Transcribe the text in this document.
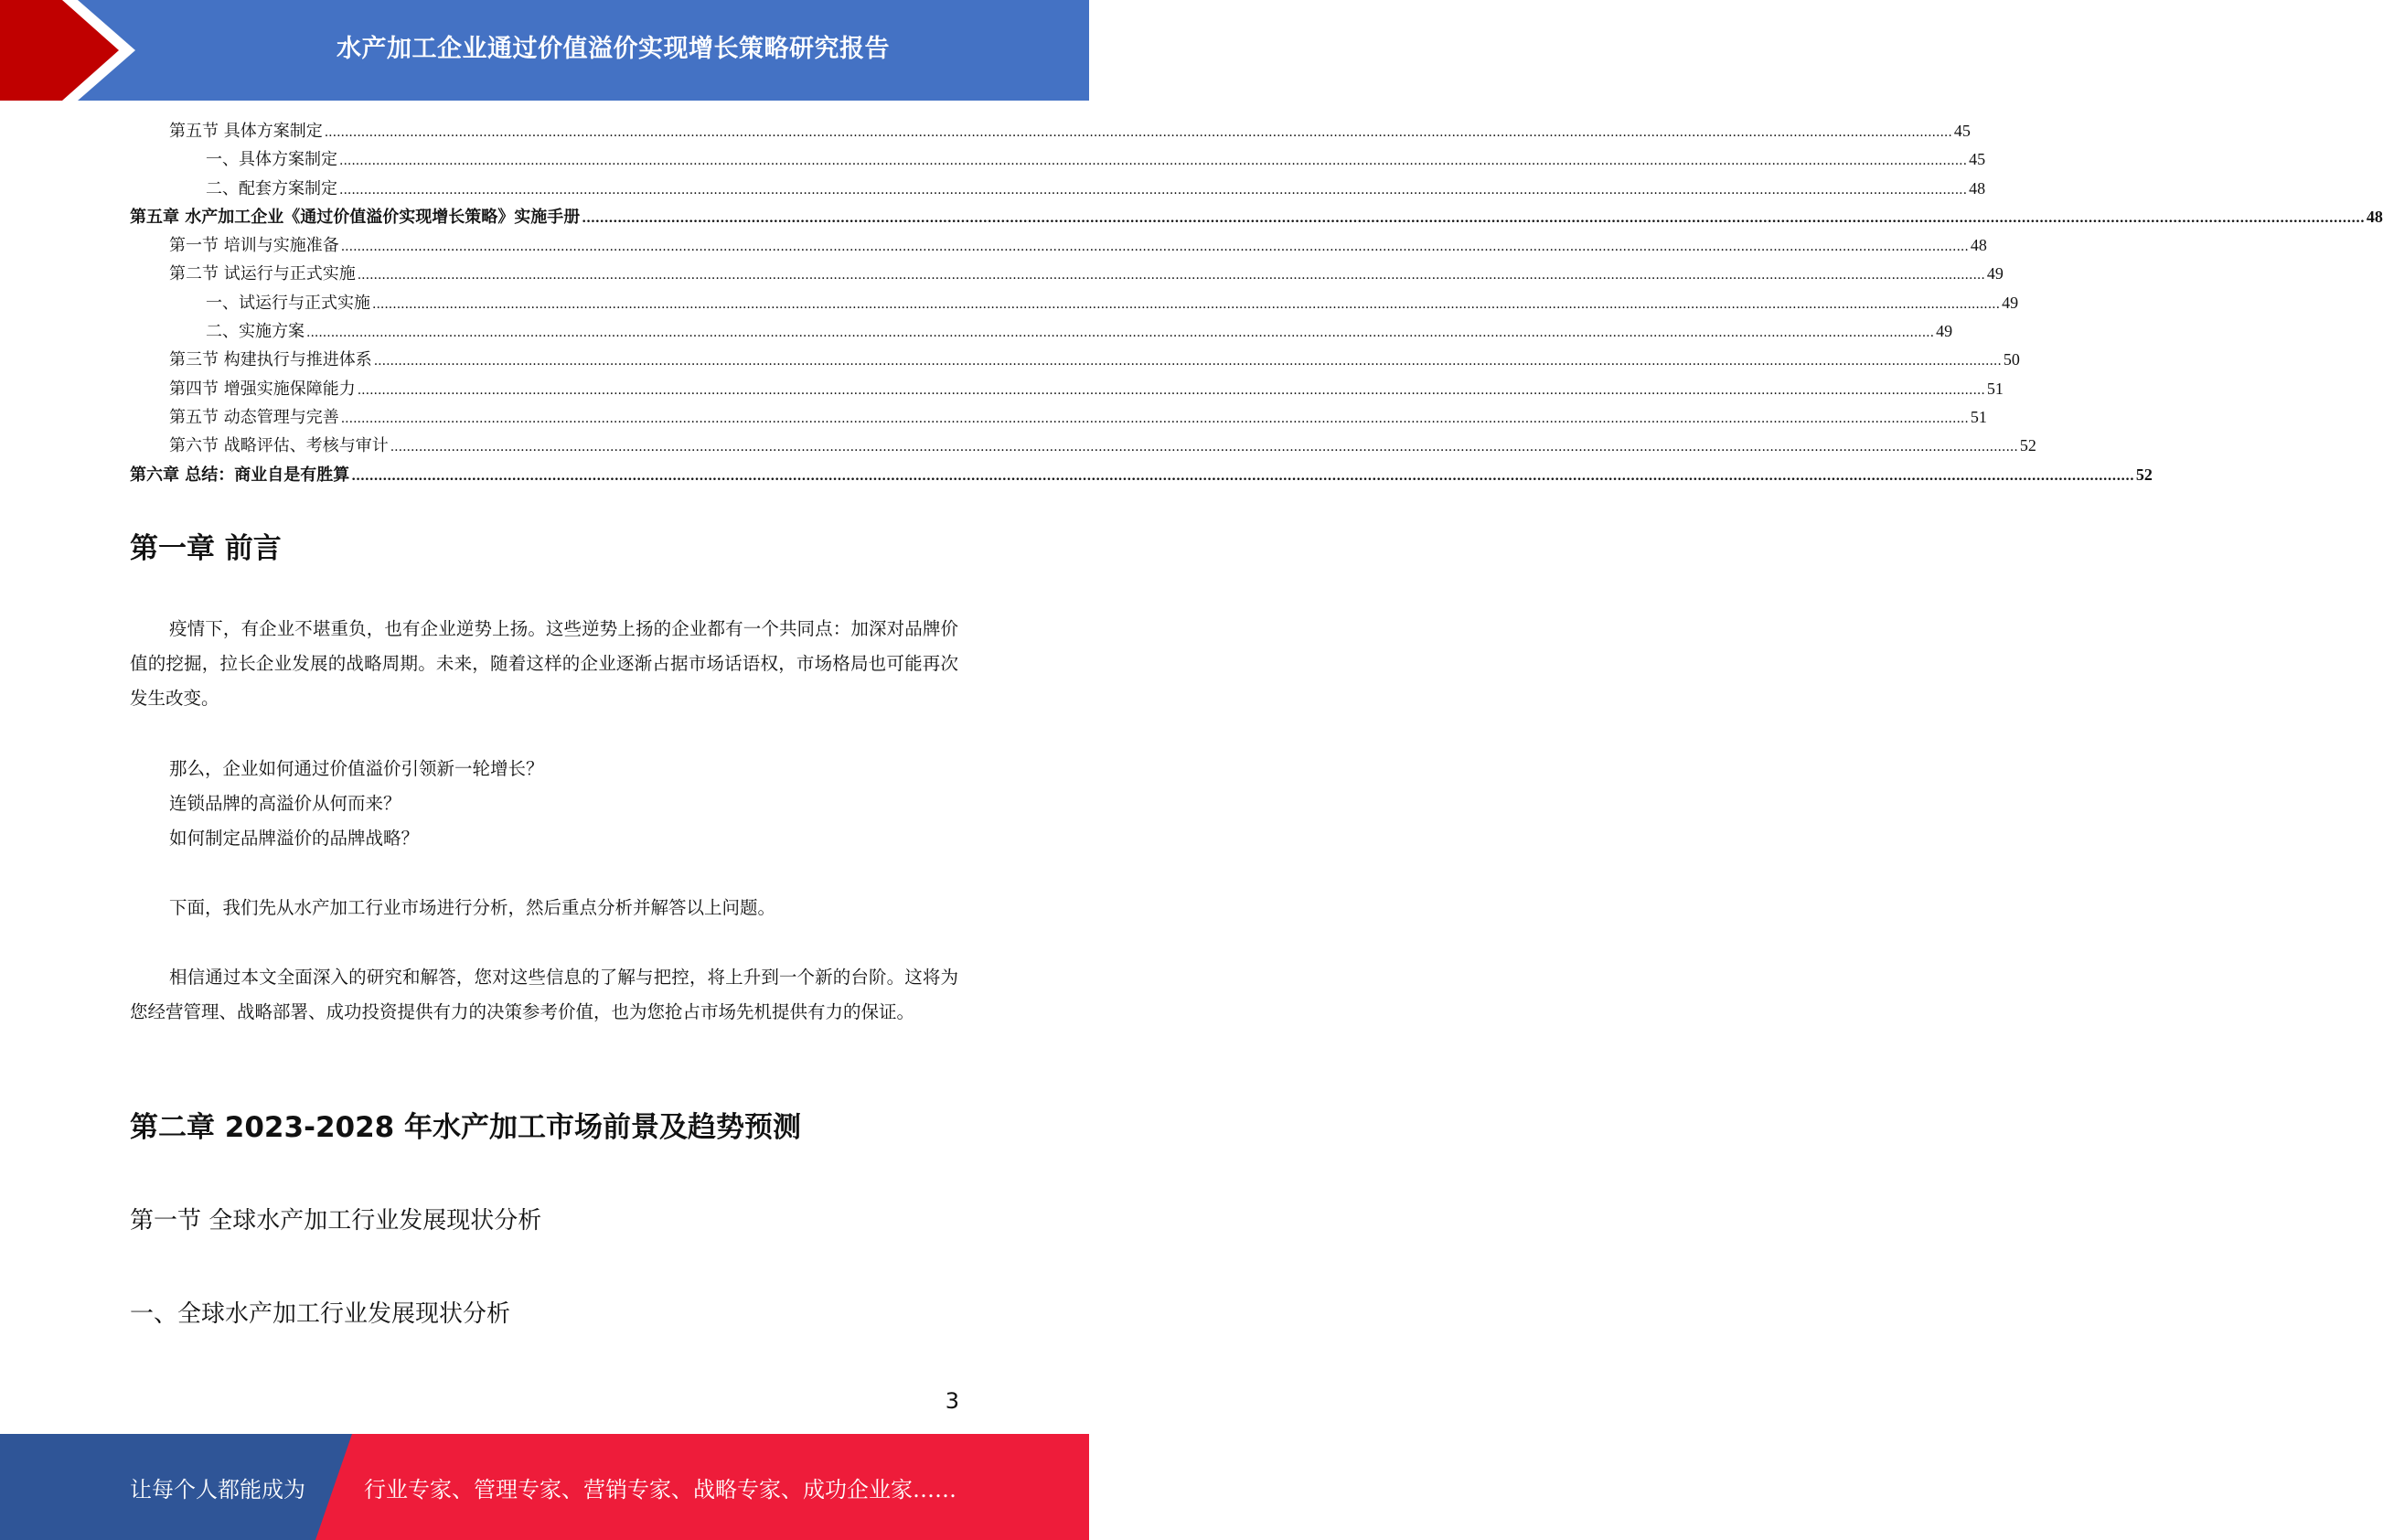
水产加工企业通过价值溢价实现增长策略研究报告
第五节 具体方案制定 ................................................................................................................................................................................................................................................................................................................................................................................................................ 45
一、具体方案制定 ................................................................................................................................................................................................................................................................................................................................................................................................................ 45
二、配套方案制定 ................................................................................................................................................................................................................................................................................................................................................................................................................ 48
第五章 水产加工企业《通过价值溢价实现增长策略》实施手册 ................................................................................................................................................................................................................................................................................................................................................................................................................ 48
第一节 培训与实施准备 ................................................................................................................................................................................................................................................................................................................................................................................................................ 48
第二节 试运行与正式实施 ................................................................................................................................................................................................................................................................................................................................................................................................................ 49
一、试运行与正式实施 ................................................................................................................................................................................................................................................................................................................................................................................................................ 49
二、实施方案 ................................................................................................................................................................................................................................................................................................................................................................................................................ 49
第三节 构建执行与推进体系 ................................................................................................................................................................................................................................................................................................................................................................................................................ 50
第四节 增强实施保障能力 ................................................................................................................................................................................................................................................................................................................................................................................................................ 51
第五节 动态管理与完善 ................................................................................................................................................................................................................................................................................................................................................................................................................ 51
第六节 战略评估、考核与审计 ................................................................................................................................................................................................................................................................................................................................................................................................................ 52
第六章 总结：商业自是有胜算 ................................................................................................................................................................................................................................................................................................................................................................................................................ 52
第一章 前言

疫情下，有企业不堪重负，也有企业逆势上扬。这些逆势上扬的企业都有一个共同点：加深对品牌价值的挖掘，拉长企业发展的战略周期。未来，随着这样的企业逐渐占据市场话语权，市场格局也可能再次发生改变。

那么，企业如何通过价值溢价引领新一轮增长？

连锁品牌的高溢价从何而来？

如何制定品牌溢价的品牌战略？

下面，我们先从水产加工行业市场进行分析，然后重点分析并解答以上问题。

相信通过本文全面深入的研究和解答，您对这些信息的了解与把控，将上升到一个新的台阶。这将为您经营管理、战略部署、成功投资提供有力的决策参考价值，也为您抢占市场先机提供有力的保证。

第二章 2023-2028 年水产加工市场前景及趋势预测
第一节 全球水产加工行业发展现状分析
一、全球水产加工行业发展现状分析
3
让每个人都能成为	行业专家、管理专家、营销专家、战略专家、成功企业家……
